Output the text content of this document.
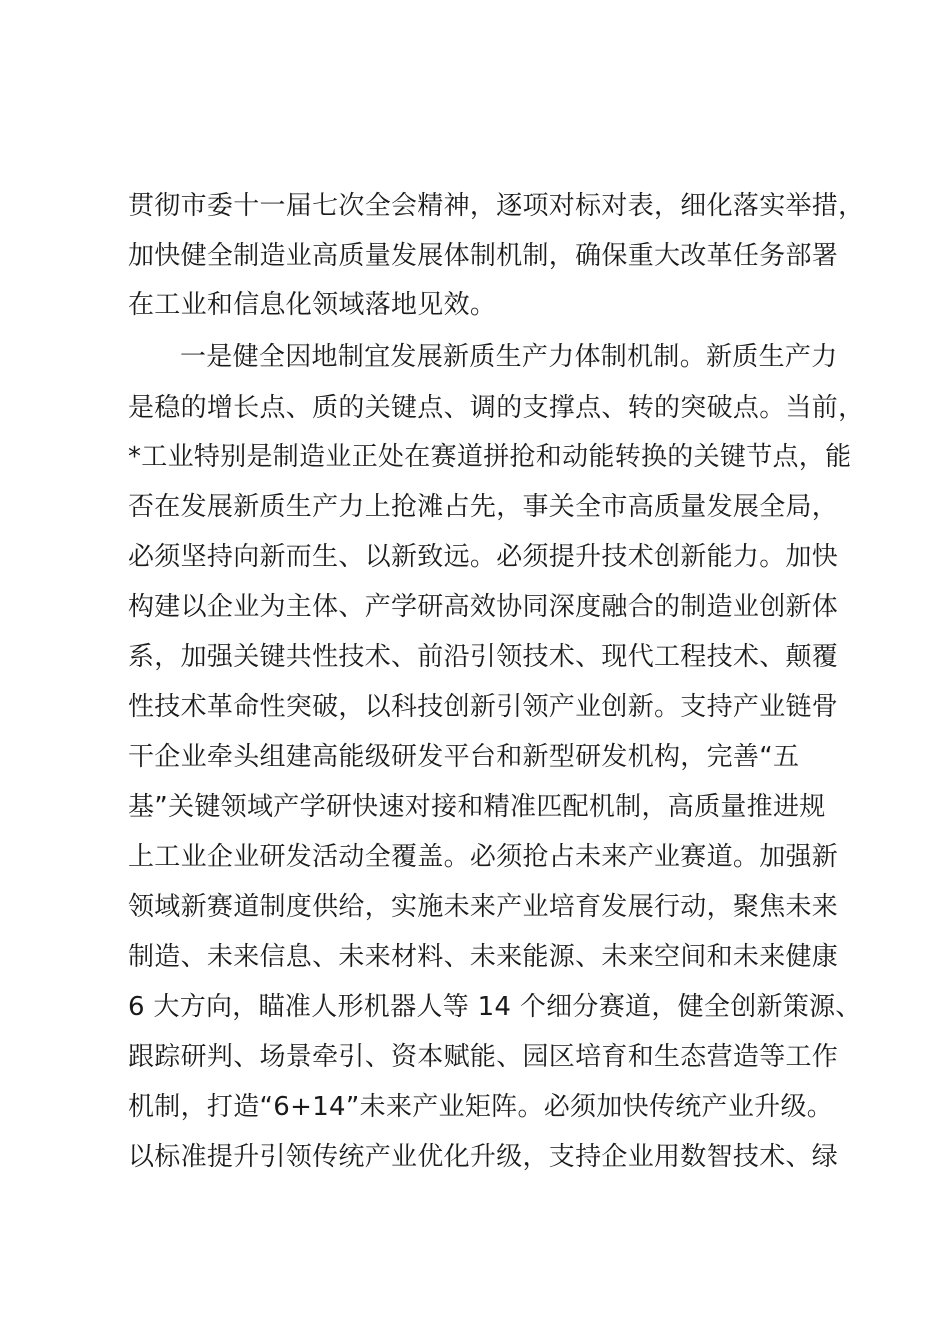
贯彻市委十一届七次全会精神，逐项对标对表，细化落实举措，
加快健全制造业高质量发展体制机制，确保重大改革任务部署
在工业和信息化领域落地见效。
一是健全因地制宜发展新质生产力体制机制。新质生产力
是稳的增长点、质的关键点、调的支撑点、转的突破点。当前，
*工业特别是制造业正处在赛道拼抢和动能转换的关键节点，能
否在发展新质生产力上抢滩占先，事关全市高质量发展全局，
必须坚持向新而生、以新致远。必须提升技术创新能力。加快
构建以企业为主体、产学研高效协同深度融合的制造业创新体
系，加强关键共性技术、前沿引领技术、现代工程技术、颠覆
性技术革命性突破，以科技创新引领产业创新。支持产业链骨
干企业牵头组建高能级研发平台和新型研发机构，完善“五
基”关键领域产学研快速对接和精准匹配机制，高质量推进规
上工业企业研发活动全覆盖。必须抢占未来产业赛道。加强新
领域新赛道制度供给，实施未来产业培育发展行动，聚焦未来
制造、未来信息、未来材料、未来能源、未来空间和未来健康
6 大方向，瞄准人形机器人等 14 个细分赛道，健全创新策源、
跟踪研判、场景牵引、资本赋能、园区培育和生态营造等工作
机制，打造“6+14”未来产业矩阵。必须加快传统产业升级。
以标准提升引领传统产业优化升级，支持企业用数智技术、绿
